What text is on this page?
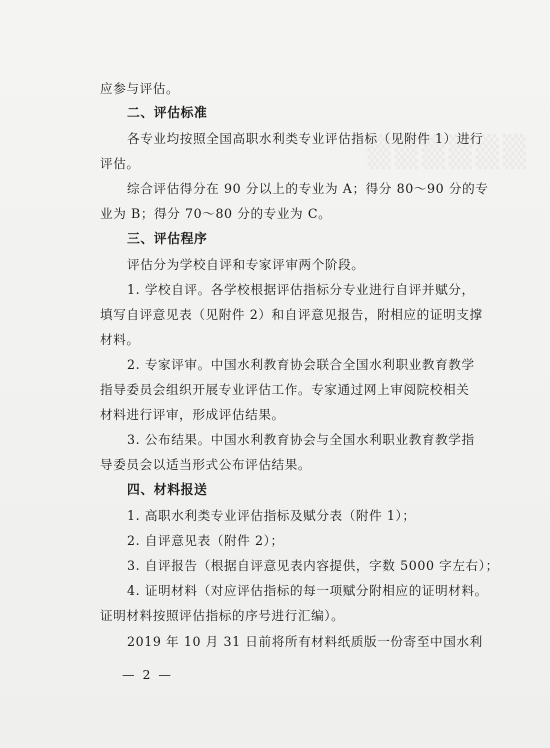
▒▒▒▒▒▒
应参与评估。
二、评估标准
各专业均按照全国高职水利类专业评估指标（见附件 1）进行
评估。
综合评估得分在 90 分以上的专业为 A；得分 80～90 分的专
业为 B；得分 70～80 分的专业为 C。
三、评估程序
评估分为学校自评和专家评审两个阶段。
1. 学校自评。各学校根据评估指标分专业进行自评并赋分，
填写自评意见表（见附件 2）和自评意见报告，附相应的证明支撑
材料。
2. 专家评审。中国水利教育协会联合全国水利职业教育教学
指导委员会组织开展专业评估工作。专家通过网上审阅院校相关
材料进行评审，形成评估结果。
3. 公布结果。中国水利教育协会与全国水利职业教育教学指
导委员会以适当形式公布评估结果。
四、材料报送
1. 高职水利类专业评估指标及赋分表（附件 1）；
2. 自评意见表（附件 2）；
3. 自评报告（根据自评意见表内容提供，字数 5000 字左右）；
4. 证明材料（对应评估指标的每一项赋分附相应的证明材料。
证明材料按照评估指标的序号进行汇编）。
2019 年 10 月 31 日前将所有材料纸质版一份寄至中国水利
— 2 —
